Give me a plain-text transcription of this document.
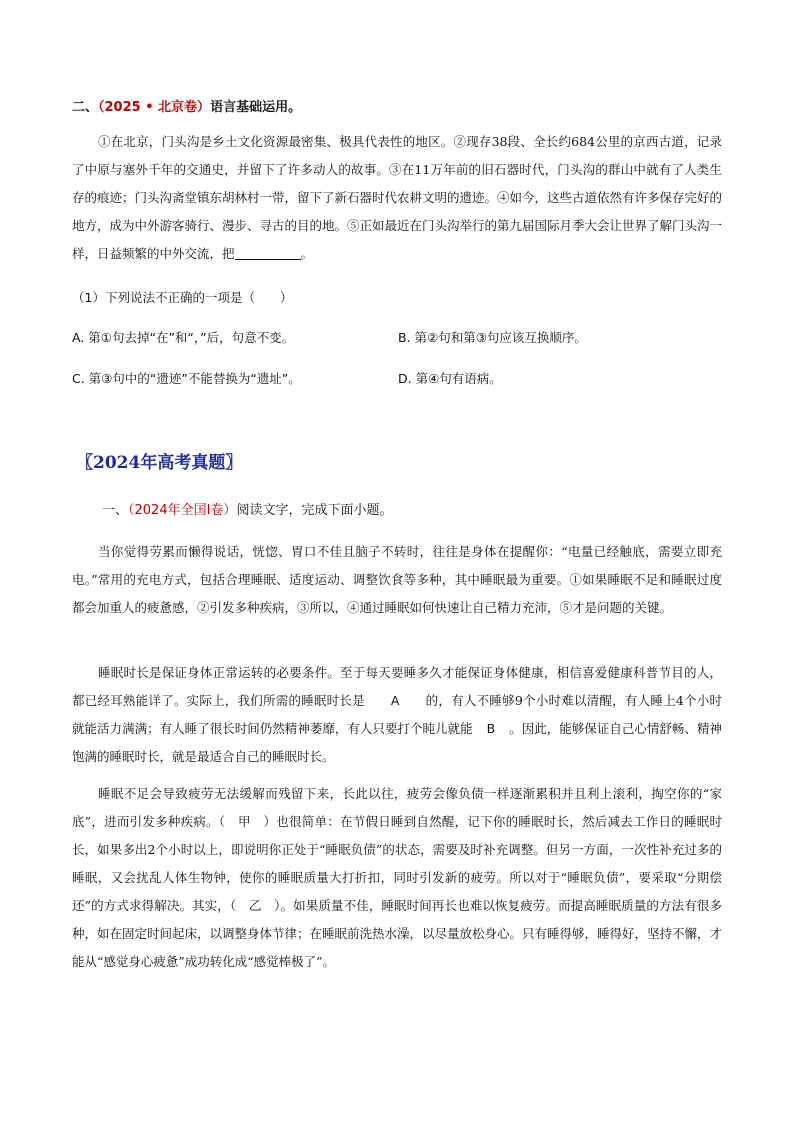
二、（2025 • 北京卷）语言基础运用。

①在北京，门头沟是乡土文化资源最密集、极具代表性的地区。②现存38段、全长约684公里的京西古道，记录了中原与塞外千年的交通史，并留下了许多动人的故事。③在11万年前的旧石器时代，门头沟的群山中就有了人类生存的痕迹；门头沟斋堂镇东胡林村一带，留下了新石器时代农耕文明的遗迹。④如今，这些古道依然有许多保存完好的地方，成为中外游客骑行、漫步、寻古的目的地。⑤正如最近在门头沟举行的第九届国际月季大会让世界了解门头沟一样，日益频繁的中外交流，把	。

（1）下列说法不正确的一项是（　　）
A. 第①句去掉“在”和“，”后，句意不变。	B. 第②句和第③句应该互换顺序。
C. 第③句中的“遗迹”不能替换为“遗址”。	D. 第④句有语病。
〖2024年高考真题〗
一、（2024年全国Ⅰ卷）阅读文字，完成下面小题。

当你觉得劳累而懒得说话，恍惚、胃口不佳且脑子不转时，往往是身体在提醒你：“电量已经触底，需要立即充电。”常用的充电方式，包括合理睡眠、适度运动、调整饮食等多种，其中睡眠最为重要。①如果睡眠不足和睡眠过度都会加重人的疲惫感，②引发多种疾病，③所以，④通过睡眠如何快速让自己精力充沛，⑤才是问题的关键。

睡眠时长是保证身体正常运转的必要条件。至于每天要睡多久才能保证身体健康，相信喜爱健康科普节目的人，都已经耳熟能详了。实际上，我们所需的睡眠时长是 A 的，有人不睡够9个小时难以清醒，有人睡上4个小时就能活力满满；有人睡了很长时间仍然精神萎靡，有人只要打个盹儿就能 B 。因此，能够保证自己心情舒畅、精神饱满的睡眠时长，就是最适合自己的睡眠时长。

睡眠不足会导致疲劳无法缓解而残留下来，长此以往，疲劳会像负债一样逐渐累积并且利上滚利，掏空你的“家底”，进而引发多种疾病。（　甲　）也很简单：在节假日睡到自然醒，记下你的睡眠时长，然后减去工作日的睡眠时长，如果多出2个小时以上，即说明你正处于“睡眠负债”的状态，需要及时补充调整。但另一方面，一次性补充过多的睡眠，又会扰乱人体生物钟，使你的睡眠质量大打折扣，同时引发新的疲劳。所以对于“睡眠负债”，要采取“分期偿还”的方式求得解决。其实，（　乙　）。如果质量不佳，睡眠时间再长也难以恢复疲劳。而提高睡眠质量的方法有很多种，如在固定时间起床，以调整身体节律；在睡眠前洗热水澡，以尽量放松身心。只有睡得够，睡得好，坚持不懈，才能从“感觉身心疲惫”成功转化成“感觉棒极了”。
